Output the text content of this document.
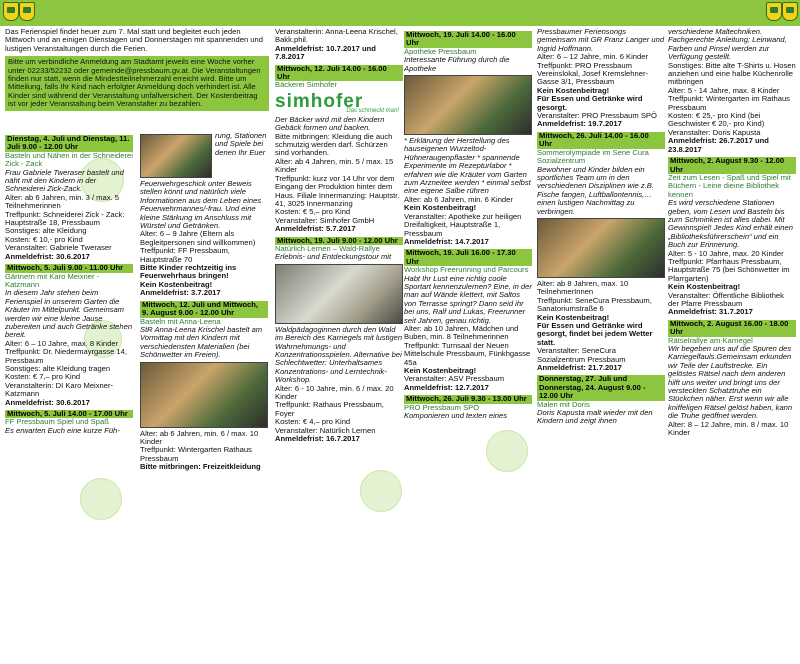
Das Ferienspiel findet heuer zum 7. Mal statt und begleitet euch jeden Mittwoch und an einigen Dienstagen und Donnerstagen mit spannenden und lustigen Veranstaltungen durch die Ferien.

Bitte um verbindliche Anmeldung am Stadtamt jeweils eine Woche vorher unter 02233/52232 oder gemeinde@pressbaum.gv.at. Die Veranstaltungen finden nur statt, wenn die Mindestteilnehmerzahl erreicht wird. Bitte um Mitteilung, falls Ihr Kind nach erfolgter Anmeldung doch verhindert ist. Alle Kinder sind während der Veranstaltung unfallversichert. Der Kostenbeitrag ist vor jeder Veranstaltung beim Veranstalter zu bezahlen.
Dienstag, 4. Juli und Dienstag, 11. Juli 9.00 - 12.00 Uhr

Basteln und Nähen in der Schneiderei Zick - Zack

Frau Gabriele Tweraser bastelt und näht mit den Kindern in der Schneiderei Zick-Zack.

Alter: ab 6 Jahren, min. 3 / max. 5 Teilnehmerinnen

Treffpunkt: Schneiderei Zick - Zack: Hauptstraße 18, Pressbaum

Sonstiges: alte Kleidung

Kosten: € 10,- pro Kind

Veranstalter: Gabriele Tweraser

Anmeldefrist: 30.6.2017

Mittwoch, 5. Juli 9.00 - 11.00 Uhr

Gärtnern mit Karo Meixner - Katzmann

In diesem Jahr stehen beim Ferienspiel in unserem Garten die Kräuter im Mittelpunkt. Gemeinsam werden wir eine kleine Jause zubereiten und auch Getränke stehen bereit.

Alter: 6 – 10 Jahre, max. 8 Kinder

Treffpunkt: Dr. Niedermayrgasse 14, Pressbaum

Sonstiges: alte Kleidung tragen

Kosten: € 7,– pro Kind

Veranstalterin: DI Karo Meixner-Katzmann

Anmeldefrist: 30.6.2017

Mittwoch, 5. Juli 14.00 - 17.00 Uhr

FF Pressbaum Spiel und Spaß

Es erwarten Euch eine kurze Füh-

rung, Stationen und Spiele bei denen Ihr Euer Feuerwehrgeschick unter Beweis stellen könnt und natürlich viele Informationen aus dem Leben eines Feuerwehrmannes/-frau. Und eine kleine Stärkung im Anschluss mit Würstel und Getränken.

Alter: 6 – 9 Jahre (Eltern als Begleitpersonen sind willkommen)

Treffpunkt: FF Pressbaum, Hauptstraße 70

Bitte Kinder rechtzeitig ins Feuerwehrhaus bringen!

Kein Kostenbeitrag!

Anmeldefrist: 3.7.2017

Mittwoch, 12. Juli und Mittwoch, 9. August 9.00 - 12.00 Uhr

Basteln mit Anna-Leena

StR Anna-Leena Krischel bastelt am Vormittag mit den Kindern mit verschiedensten Materialien (bei Schönwetter im Freien).

Alter: ab 6 Jahren, min. 6 / max. 10 Kinder

Treffpunkt: Wintergarten Rathaus Pressbaum

Bitte mitbringen: Freizeitkleidung

Veranstalterin: Anna-Leena Krischel, Bakk.phil.

Anmeldefrist: 10.7.2017 und 7.8.2017

Mittwoch, 12. Juli 14.00 - 16.00 Uhr

Bäckerei Simhofer

simhofer
Das schmeckt man!

Der Bäcker wird mit den Kindern Gebäck formen und backen.

Bitte mitbringen: Kleidung die auch schmutzig werden darf. Schürzen sind vorhanden.

Alter: ab 4 Jahren, min. 5 / max. 15 Kinder

Treffpunkt: kurz vor 14 Uhr vor dem Eingang der Produktion hinter dem Haus. Filiale Innermanzing: Hauptstr. 41, 3025 Innermanzing

Kosten: € 5,– pro Kind

Veranstalter: Simhofer GmbH

Anmeldefrist: 5.7.2017

Mittwoch, 19. Juli 9.00 - 12.00 Uhr

Natürlich Lernen – Wald-Rallye

Erlebnis- und Entdeckungstour mit

Waldpädagoginnen durch den Wald im Bereich des Karriegels mit lustigen Wahrnehmungs- und Konzentrationsspielen. Alternative bei Schlechtwetter: Unterhaltsames Konzentrations- und Lerntechnik-Workshop.

Alter: 6 - 10 Jahre, min. 6 / max. 20 Kinder

Treffpunkt: Rathaus Pressbaum, Foyer

Kosten: € 4,– pro Kind

Veranstalter: Natürlich Lernen

Anmeldefrist: 16.7.2017

Mittwoch, 19. Juli 14.00 - 16.00 Uhr

Apotheke Pressbaum

Interessante Führung durch die Apotheke

* Erklärung der Herstellung des hauseigenen Wurzeltod- Hühneraugenpflaster * spannende Experimente im Rezepturlabor * erfahren wie die Kräuter vom Garten zum Arzneitee werden * einmal selbst eine eigene Salbe rühren

Alter: ab 6 Jahren, min. 6 Kinder

Kein Kostenbeitrag!

Veranstalter: Apotheke zur heiligen Dreifaltigkeit, Hauptstraße 1, Pressbaum

Anmeldefrist: 14.7.2017

Mittwoch, 19. Juli 16.00 - 17.30 Uhr

Workshop Freerunning und Parcours

Habt Ihr Lust eine richtig coole Sportart kennenzulernen? Eine, in der man auf Wände klettert, mit Saltos von Terrasse springt? Dann seid ihr bei uns, Ralf und Lukas, Freerunner seit Jahren, genau richtig.

Alter: ab 10 Jahren, Mädchen und Buben, min. 8 Teilnehmerinnen

Treffpunkt: Turnsaal der Neuen Mittelschule Pressbaum, Fünkhgasse 45a

Kein Kostenbeitrag!

Veranstalter: ASV Pressbaum

Anmeldefrist: 12.7.2017

Mittwoch, 26. Juli 9.30 - 13.00 Uhr

PRO Pressbaum SPÖ

Komponieren und texten eines

Pressbaumer Feriensongs gemeinsam mit GR Franz Langer und Ingrid Hoffmann.

Alter: 6 – 12 Jahre, min. 6 Kinder

Treffpunkt: PRO Pressbaum Vereinslokal, Josef Kremslehner-Gasse 3/1, Pressbaum

Kein Kostenbeitrag!

Für Essen und Getränke wird gesorgt.

Veranstalter: PRO Pressbaum SPÖ

Anmeldefrist: 19.7.2017

Mittwoch, 26. Juli 14.00 - 16.00 Uhr

Sommerolympiade im Sene Cura Sozialzentrum

Bewohner und Kinder bilden ein sportliches Team um in den verschiedenen Disziplinen wie z.B. Fische fangen, Luftballontennis,… einen lustigen Nachmittag zu verbringen.

Alter: ab 8 Jahren, max. 10 TeilnehmerInnen

Treffpunkt: SeneCura Pressbaum, Sanatoriumstraße 6

Kein Kostenbeitrag!

Für Essen und Getränke wird gesorgt, findet bei jedem Wetter statt.

Veranstalter: SeneCura Sozialzentrum Pressbaum

Anmeldefrist: 21.7.2017

Donnerstag, 27. Juli und Donnerstag, 24. August 9.00 - 12.00 Uhr

Malen mit Doris

Doris Kapusta malt wieder mit den Kindern und zeigt ihnen

verschiedene Maltechniken. Fachgerechte Anleitung; Leinwand, Farben und Pinsel werden zur Verfügung gestellt.

Sonstiges: Bitte alte T-Shirts u. Hosen anziehen und eine halbe Küchenrolle mitbringen

Alter: 5 - 14 Jahre, max. 8 Kinder

Treffpunkt: Wintergarten im Rathaus Pressbaum

Kosten: € 25,- pro Kind (bei Geschwister € 20,- pro Kind)

Veranstalter: Doris Kapusta

Anmeldefrist: 26.7.2017 und 23.8.2017

Mittwoch, 2. August 9.30 - 12.00 Uhr

Zeit zum Lesen - Spaß und Spiel mit Büchern - Leine dieine Bibliothek kennen

Es wird verschiedene Stationen geben, vom Lesen und Basteln bis zum Schminken ist alles dabei. Mit Gewinnspiel! Jedes Kind erhält einen „Bibliotheksführerschein“ und ein Buch zur Erinnerung.

Alter: 5 - 10 Jahre, max. 20 Kinder

Treffpunkt: Pfarrhaus Pressbaum, Hauptstraße 75 (bei Schönwetter im Pfarrgarten)

Kein Kostenbeitrag!

Veranstalter: Öffentliche Bibliothek der Pfarre Pressbaum

Anmeldefrist: 31.7.2017

Mittwoch, 2. August 16.00 - 18.00 Uhr

Rätselrallye am Karriegel

Wir begeben uns auf die Spuren des Karriegelfauls.Gemeinsam erkunden wir Teile der Lauftstrecke. Ein gelöstes Rätsel nach dem anderen hilft uns weiter und bringt uns der versteckten Schatztruhe ein Stückchen näher. Erst wenn wir alle kniffeligen Rätsel gelöst haben, kann die Truhe geöffnet werden.

Alter: 8 – 12 Jahre, min. 8 / max. 10 Kinder
